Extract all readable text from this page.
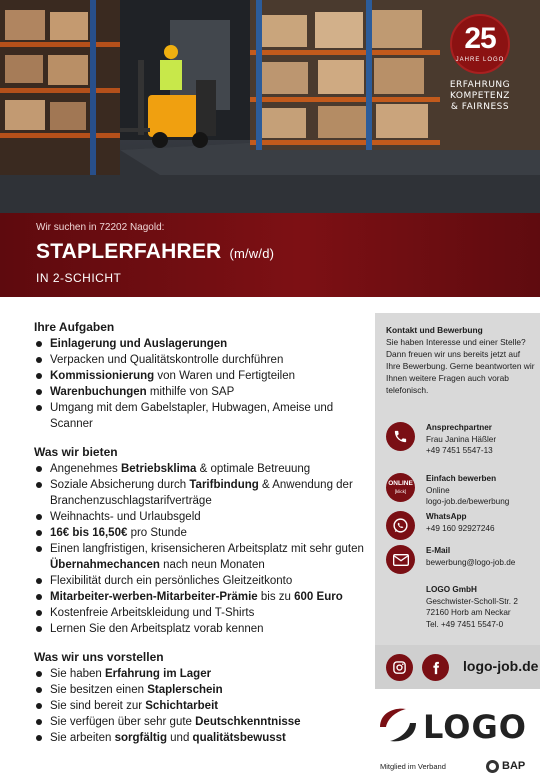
25
JAHRE LOGO
ERFAHRUNG
KOMPETENZ
& FAIRNESS
Wir suchen in 72202 Nagold:
STAPLERFAHRER (m/w/d)
IN 2-SCHICHT
Ihre Aufgaben
Einlagerung und Auslagerungen
Verpacken und Qualitätskontrolle durchführen
Kommissionierung von Waren und Fertigteilen
Warenbuchungen mithilfe von SAP
Umgang mit dem Gabelstapler, Hubwagen, Ameise und Scanner
Was wir bieten
Angenehmes Betriebsklima & optimale Betreuung
Soziale Absicherung durch Tarifbindung & Anwendung der Branchenzuschlagstarifverträge
Weihnachts- und Urlaubsgeld
16€ bis 16,50€ pro Stunde
Einen langfristigen, krisensicheren Arbeitsplatz mit sehr guten Übernahmechancen nach neun Monaten
Flexibilität durch ein persönliches Gleitzeitkonto
Mitarbeiter-werben-Mitarbeiter-Prämie bis zu 600 Euro
Kostenfreie Arbeitskleidung und T-Shirts
Lernen Sie den Arbeitsplatz vorab kennen
Was wir uns vorstellen
Sie haben Erfahrung im Lager
Sie besitzen einen Staplerschein
Sie sind bereit zur Schichtarbeit
Sie verfügen über sehr gute Deutschkenntnisse
Sie arbeiten sorgfältig und qualitätsbewusst
Kontakt und Bewerbung
Sie haben Interesse und einer Stelle? Dann freuen wir uns bereits jetzt auf Ihre Bewerbung. Gerne beantworten wir Ihnen weitere Fragen auch vorab telefonisch.
Ansprechpartner
Frau Janina Häßler
+49 7451 5547-13
ONLINE
[klick]
Einfach bewerben
Online
logo-job.de/bewerbung
WhatsApp
+49 160 92927246
E-Mail
bewerbung@logo-job.de
LOGO GmbH
Geschwister-Scholl-Str. 2
72160 Horb am Neckar
Tel. +49 7451 5547-0
logo-job.de
LOGO
Mitglied im Verband	BAP
